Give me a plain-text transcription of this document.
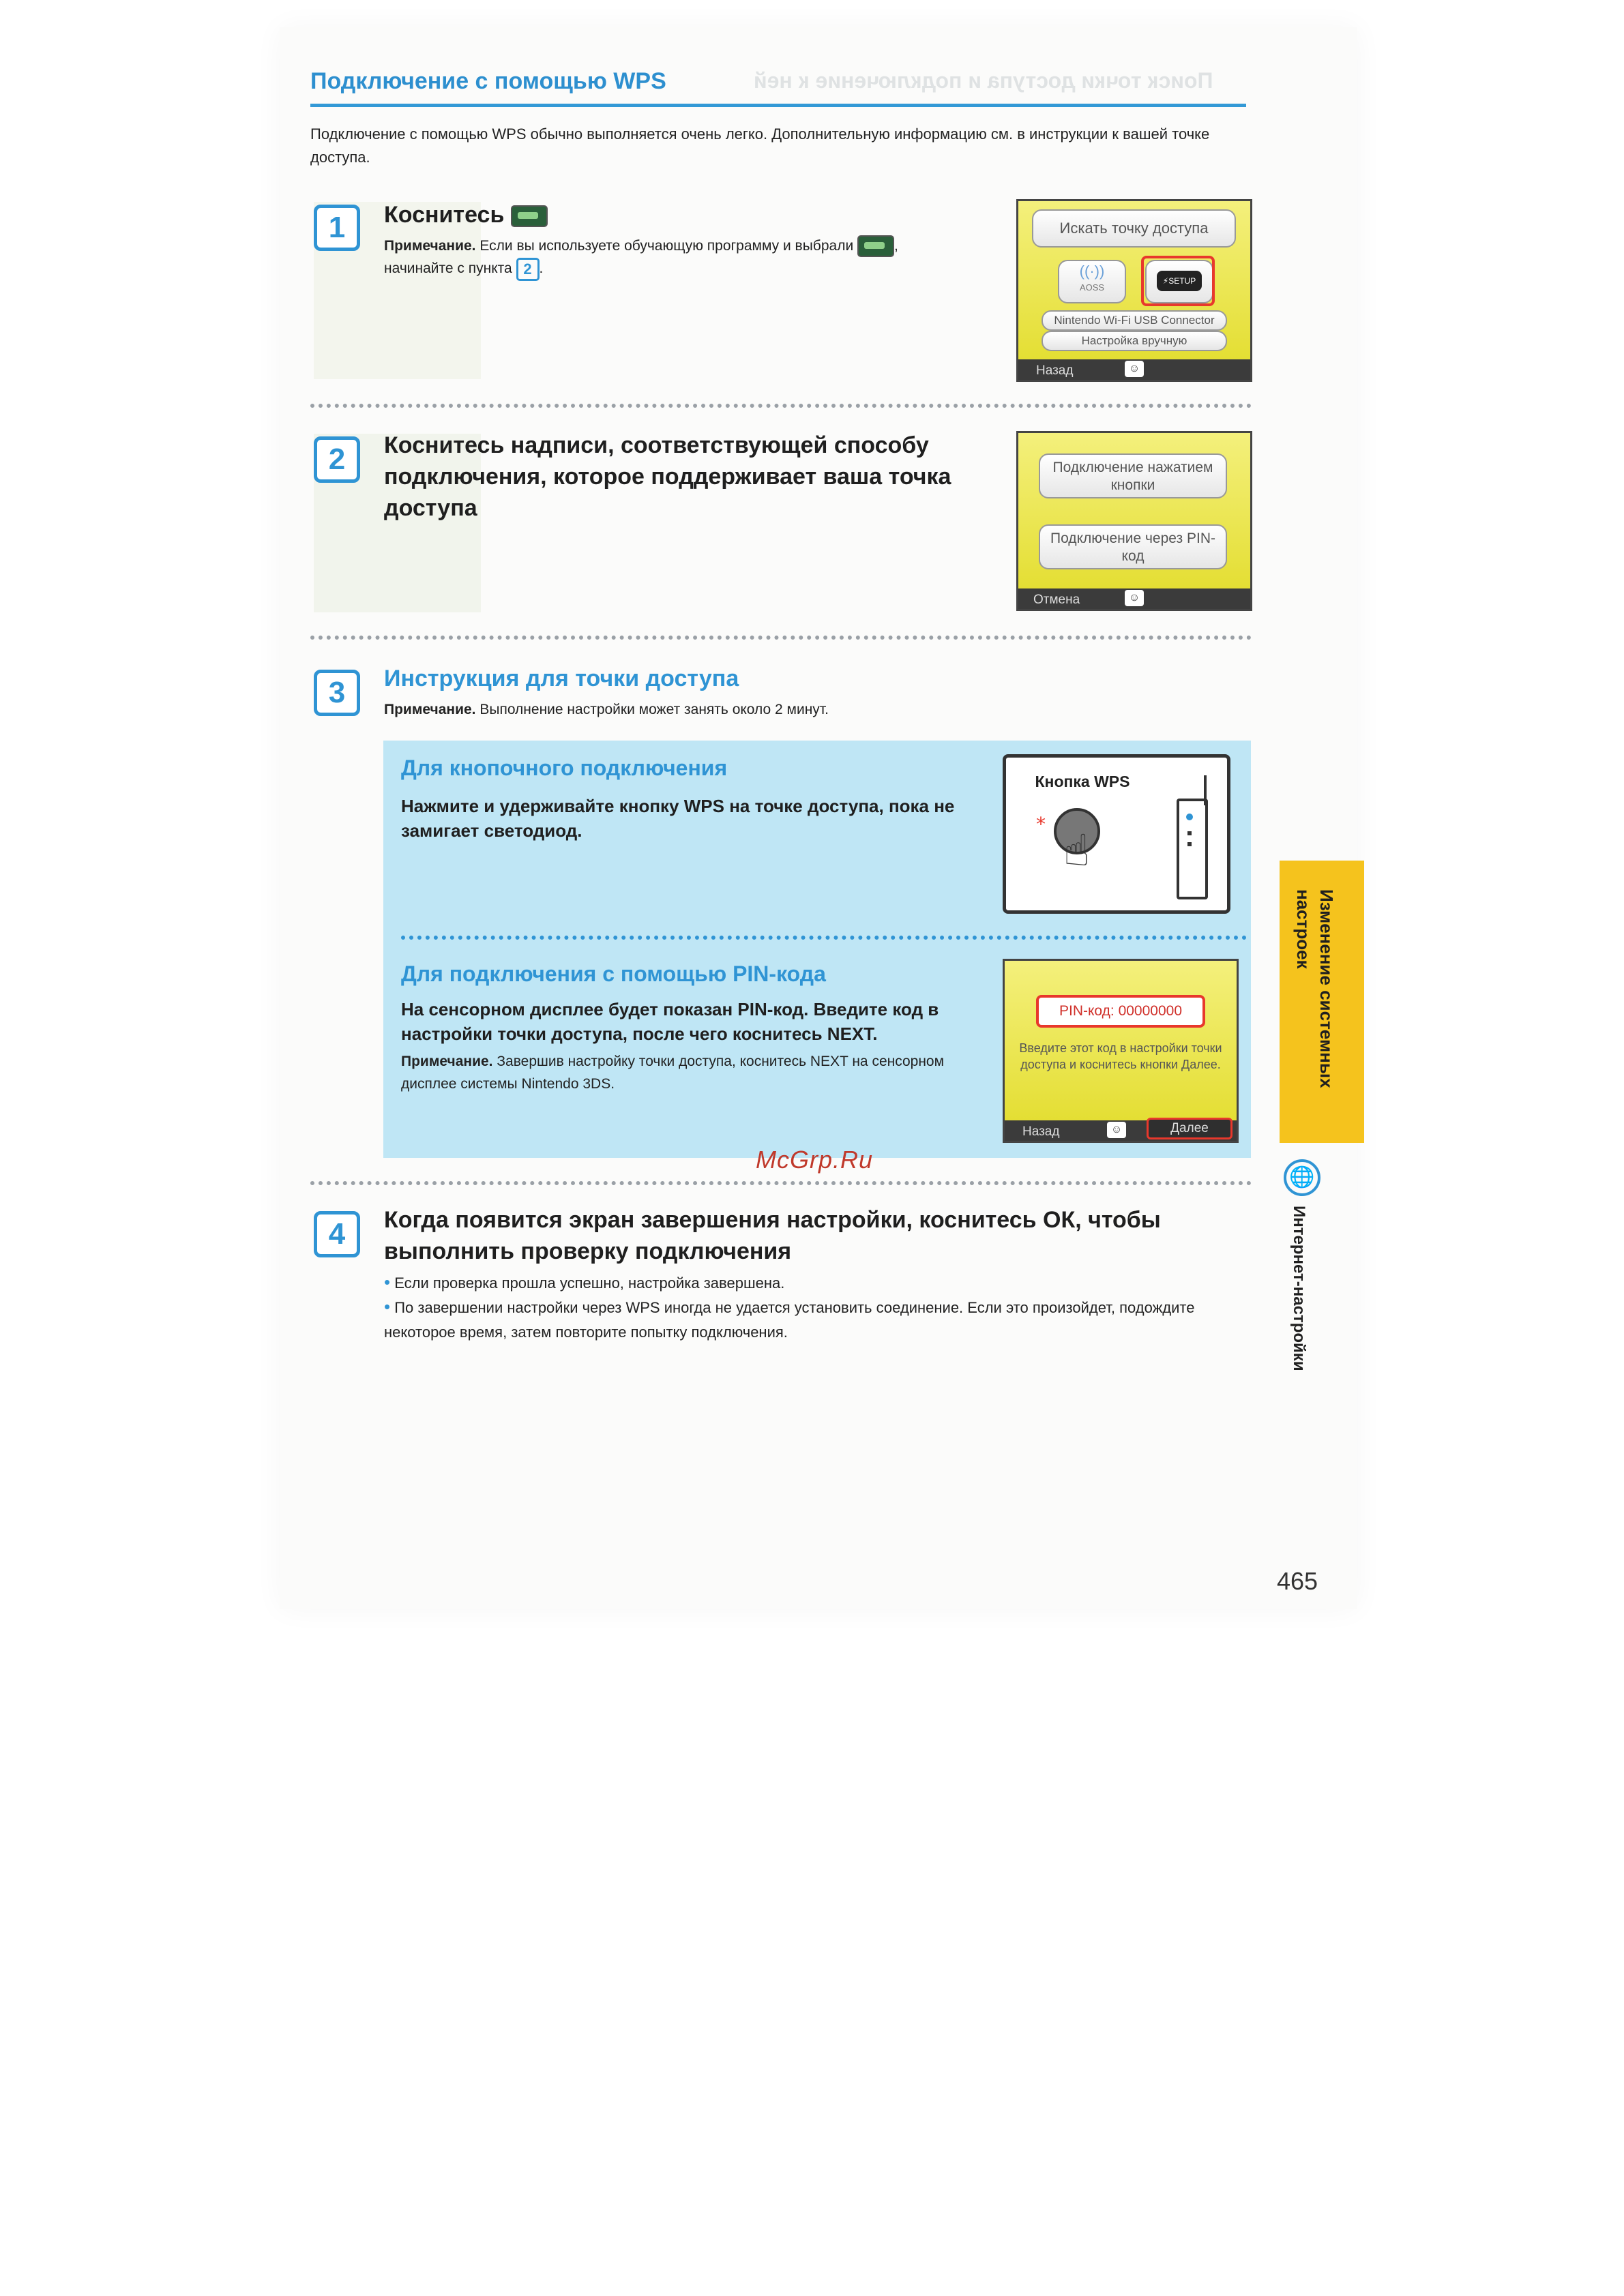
Поиск точки доступа и подключение к ней
Подключение с помощью WPS
Подключение с помощью WPS обычно выполняется очень легко. Дополнительную информацию см. в инструкции к вашей точке доступа.
1	Коснитесь
Примечание. Если вы используете обучающую программу и выбрали	,
начинайте с пункта 2 .
Искать точку доступа
((·))
AOSS
⚡SETUP
Nintendo Wi-Fi USB Connector
Настройка вручную
Назад	☺
2	Коснитесь надписи, соответствующей способу подключения, которое поддерживает ваша точка доступа
Подключение нажатием кнопки
Подключение через PIN-код
Отмена	☺
3	Инструкция для точки доступа
Примечание. Выполнение настройки может занять около 2 минут.
Для кнопочного подключения
Нажмите и удерживайте кнопку WPS на точке доступа, пока не замигает светодиод.
Кнопка WPS
⁎
☝
Для подключения с помощью PIN-кода
На сенсорном дисплее будет показан PIN-код. Введите код в настройки точки доступа, после чего коснитесь NEXT.
Примечание. Завершив настройку точки доступа, коснитесь NEXT на сенсорном дисплее системы Nintendo 3DS.
PIN-код: 00000000
Введите этот код в настройки точки доступа и коснитесь кнопки Далее.
Назад	☺	Далее
McGrp.Ru
4	Когда появится экран завершения настройки, коснитесь ОК, чтобы выполнить проверку подключения
• Если проверка прошла успешно, настройка завершена.
• По завершении настройки через WPS иногда не удается установить соединение. Если это произойдет, подождите некоторое время, затем повторите попытку подключения.
Изменение системных настроек
🌐
Интернет-настройки
465
